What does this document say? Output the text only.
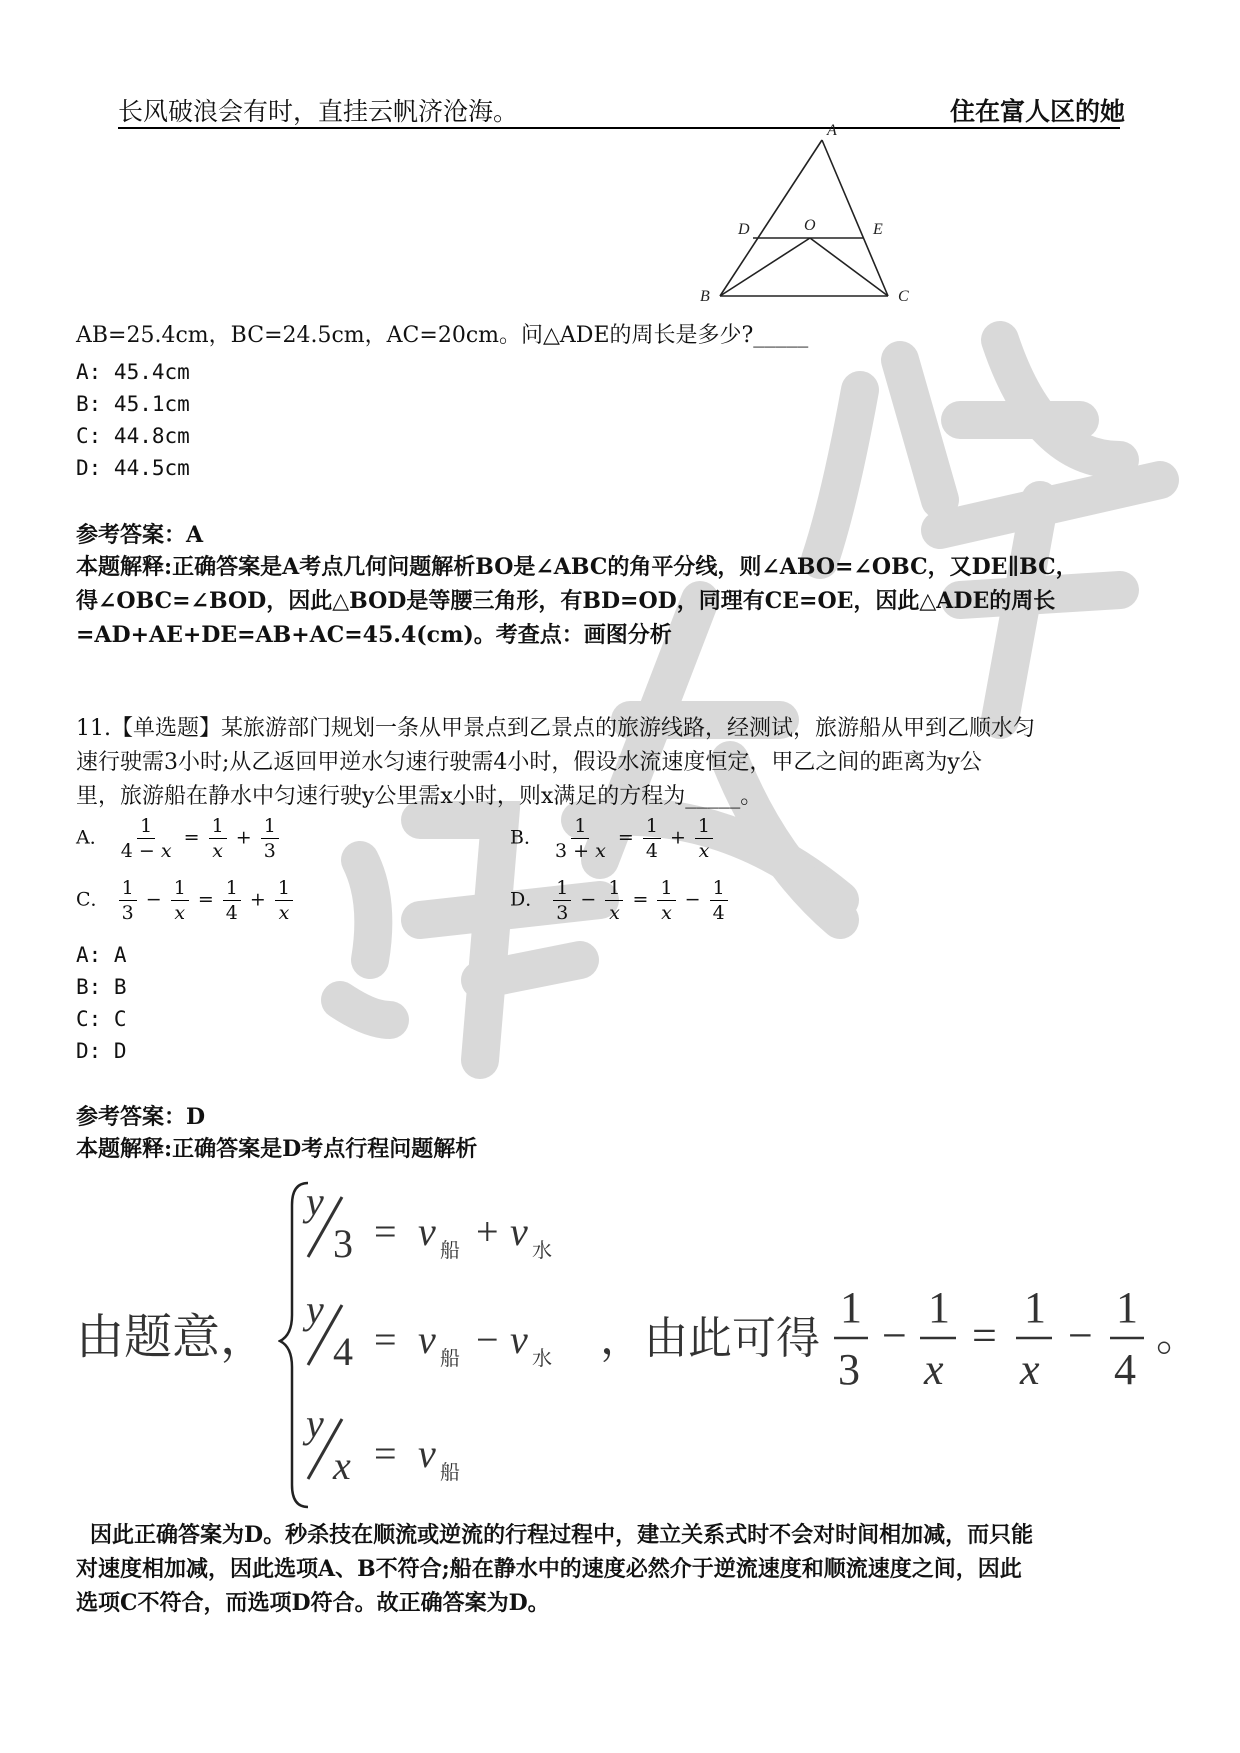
长风破浪会有时，直挂云帆济沧海。	住在富人区的她
A
D	O	E
B	C
AB=25.4cm，BC=24.5cm，AC=20cm。问△ADE的周长是多少?_____
A: 45.4cm
B: 45.1cm
C: 44.8cm
D: 44.5cm
参考答案：A
本题解释:正确答案是A考点几何问题解析BO是∠ABC的角平分线，则∠ABO=∠OBC，又DE∥BC，
得∠OBC=∠BOD，因此△BOD是等腰三角形，有BD=OD，同理有CE=OE，因此△ADE的周长
=AD+AE+DE=AB+AC=45.4(cm)。考查点：画图分析
11.【单选题】某旅游部门规划一条从甲景点到乙景点的旅游线路，经测试，旅游船从甲到乙顺水匀
速行驶需3小时;从乙返回甲逆水匀速行驶需4小时，假设水流速度恒定，甲乙之间的距离为y公
里，旅游船在静水中匀速行驶y公里需x小时，则x满足的方程为_____。
A． $\frac{1}{4 - x} = \frac{1}{x} + \frac{1}{3}$	B． $\frac{1}{3 + x} = \frac{1}{4} + \frac{1}{x}$
C． $\frac{1}{3} - \frac{1}{x} = \frac{1}{4} + \frac{1}{x}$	D． $\frac{1}{3} - \frac{1}{x} = \frac{1}{x} - \frac{1}{4}$
A: A
B: B
C: C
D: D
参考答案：D
本题解释:正确答案是D考点行程问题解析
由题意，
y
3 = v 船 + v 水
y
4 = v 船 − v 水
y
x = v 船
，由此可得
1
3
−
1
x
=
1
x
−
1
4
。
因此正确答案为D。秒杀技在顺流或逆流的行程过程中，建立关系式时不会对时间相加减，而只能
对速度相加减，因此选项A、B不符合;船在静水中的速度必然介于逆流速度和顺流速度之间，因此
选项C不符合，而选项D符合。故正确答案为D。
